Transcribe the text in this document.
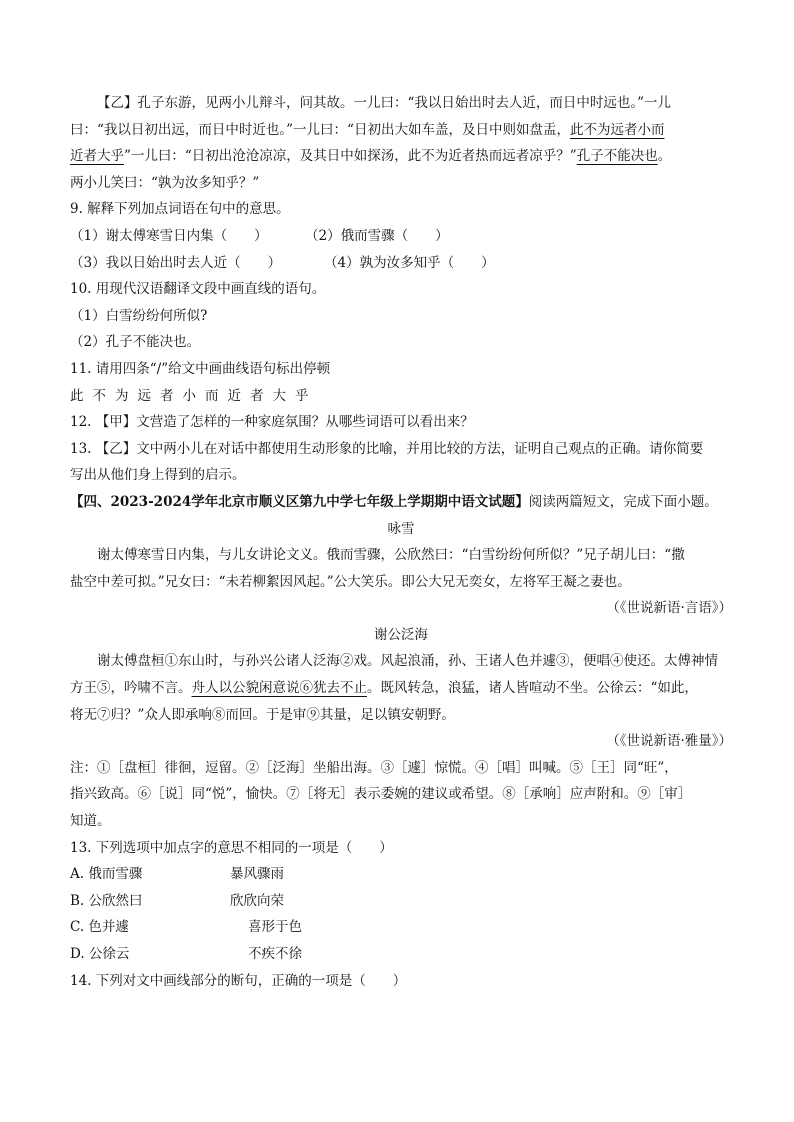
【乙】孔子东游，见两小儿辩斗，问其故。一儿曰：“我以日始出时去人近，而日中时远也。”一儿

曰：“我以日初出远，而日中时近也。”一儿曰：“日初出大如车盖，及日中则如盘盂，此不为远者小而

近者大乎”一儿曰：“日初出沧沧凉凉，及其日中如探汤，此不为近者热而远者凉乎？”孔子不能决也。

两小儿笑曰：“孰为汝多知乎？”

9. 解释下列加点词语在句中的意思。

（1）谢太傅寒雪日内集（　　）	（2）俄而雪骤（　　）
（3）我以日始出时去人近（　　）	（4）孰为汝多知乎（　　）

10. 用现代汉语翻译文段中画直线的语句。

（1）白雪纷纷何所似?

（2）孔子不能决也。

11. 请用四条“/”给文中画曲线语句标出停顿

此不为远者小而近者大乎

12. 【甲】文营造了怎样的一种家庭氛围？从哪些词语可以看出来？

13. 【乙】文中两小儿在对话中都使用生动形象的比喻，并用比较的方法，证明自己观点的正确。请你简要

写出从他们身上得到的启示。

【四、2023-2024学年北京市顺义区第九中学七年级上学期期中语文试题】阅读两篇短文，完成下面小题。

咏雪

谢太傅寒雪日内集，与儿女讲论文义。俄而雪骤，公欣然曰：“白雪纷纷何所似？”兄子胡儿曰：“撒

盐空中差可拟。”兄女曰：“未若柳絮因风起。”公大笑乐。即公大兄无奕女，左将军王凝之妻也。

（《世说新语·言语》）

谢公泛海

谢太傅盘桓①东山时，与孙兴公诸人泛海②戏。风起浪涌，孙、王诸人色并遽③，便唱④使还。太傅神情

方王⑤，吟啸不言。舟人以公貌闲意说⑥犹去不止。既风转急，浪猛，诸人皆喧动不坐。公徐云：“如此，

将无⑦归？”众人即承响⑧而回。于是审⑨其量，足以镇安朝野。

（《世说新语·雅量》）

注：①［盘桓］徘徊，逗留。②［泛海］坐船出海。③［遽］惊慌。④［唱］叫喊。⑤［王］同“旺”，

指兴致高。⑥［说］同“悦”，愉快。⑦［将无］表示委婉的建议或希望。⑧［承响］应声附和。⑨［审］

知道。

13. 下列选项中加点字的意思不相同的一项是（　　）

A. 俄而雪骤	暴风骤雨
B. 公欣然曰	欣欣向荣
C. 色并遽	喜形于色
D. 公徐云	不疾不徐

14. 下列对文中画线部分的断句，正确的一项是（　　）
